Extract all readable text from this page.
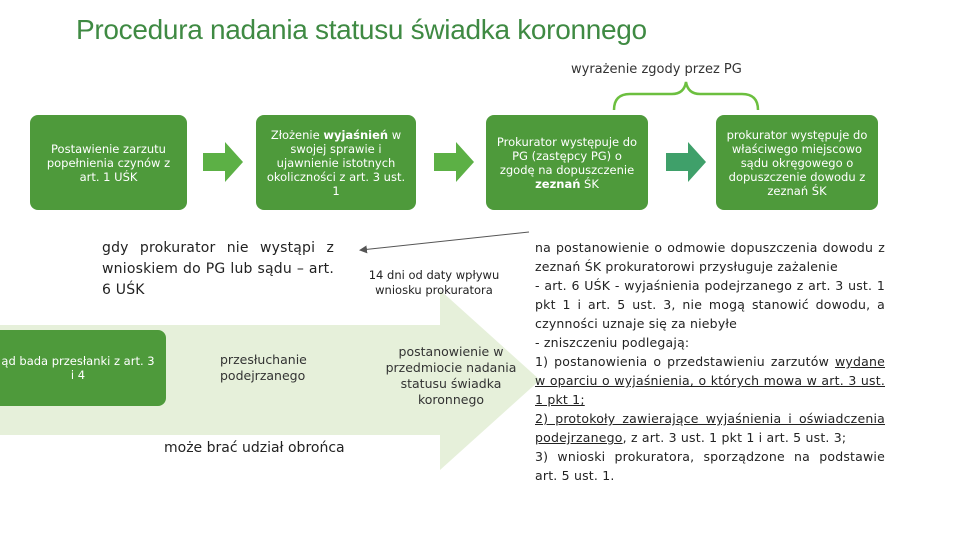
Procedura nadania statusu świadka koronnego
wyrażenie zgody przez PG
Postawienie zarzutu popełnienia czynów z art. 1 UŚK
Złożenie wyjaśnień w swojej sprawie i ujawnienie istotnych okoliczności z art. 3 ust. 1
Prokurator występuje do PG (zastępcy PG) o zgodę na dopuszczenie zeznań ŚK
prokurator występuje do właściwego miejscowo sądu okręgowego o dopuszczenie dowodu z zeznań ŚK
gdy prokurator nie wystąpi z wnioskiem do PG lub sądu – art. 6 UŚK
14 dni od daty wpływu wniosku prokuratora
ąd bada przesłanki z art. 3 i 4
przesłuchanie podejrzanego
postanowienie w przedmiocie nadania statusu świadka koronnego
może brać udział obrońca
na postanowienie o odmowie dopuszczenia dowodu z zeznań ŚK prokuratorowi przysługuje zażalenie
- art. 6 UŚK - wyjaśnienia podejrzanego z art. 3 ust. 1 pkt 1 i art. 5 ust. 3, nie mogą stanowić dowodu, a czynności uznaje się za niebyłe
- zniszczeniu podlegają:
1) postanowienia o przedstawieniu zarzutów wydane w oparciu o wyjaśnienia, o których mowa w art. 3 ust. 1 pkt 1;
2) protokoły zawierające wyjaśnienia i oświadczenia podejrzanego, z art. 3 ust. 1 pkt 1 i art. 5 ust. 3;
3) wnioski prokuratora, sporządzone na podstawie art. 5 ust. 1.
